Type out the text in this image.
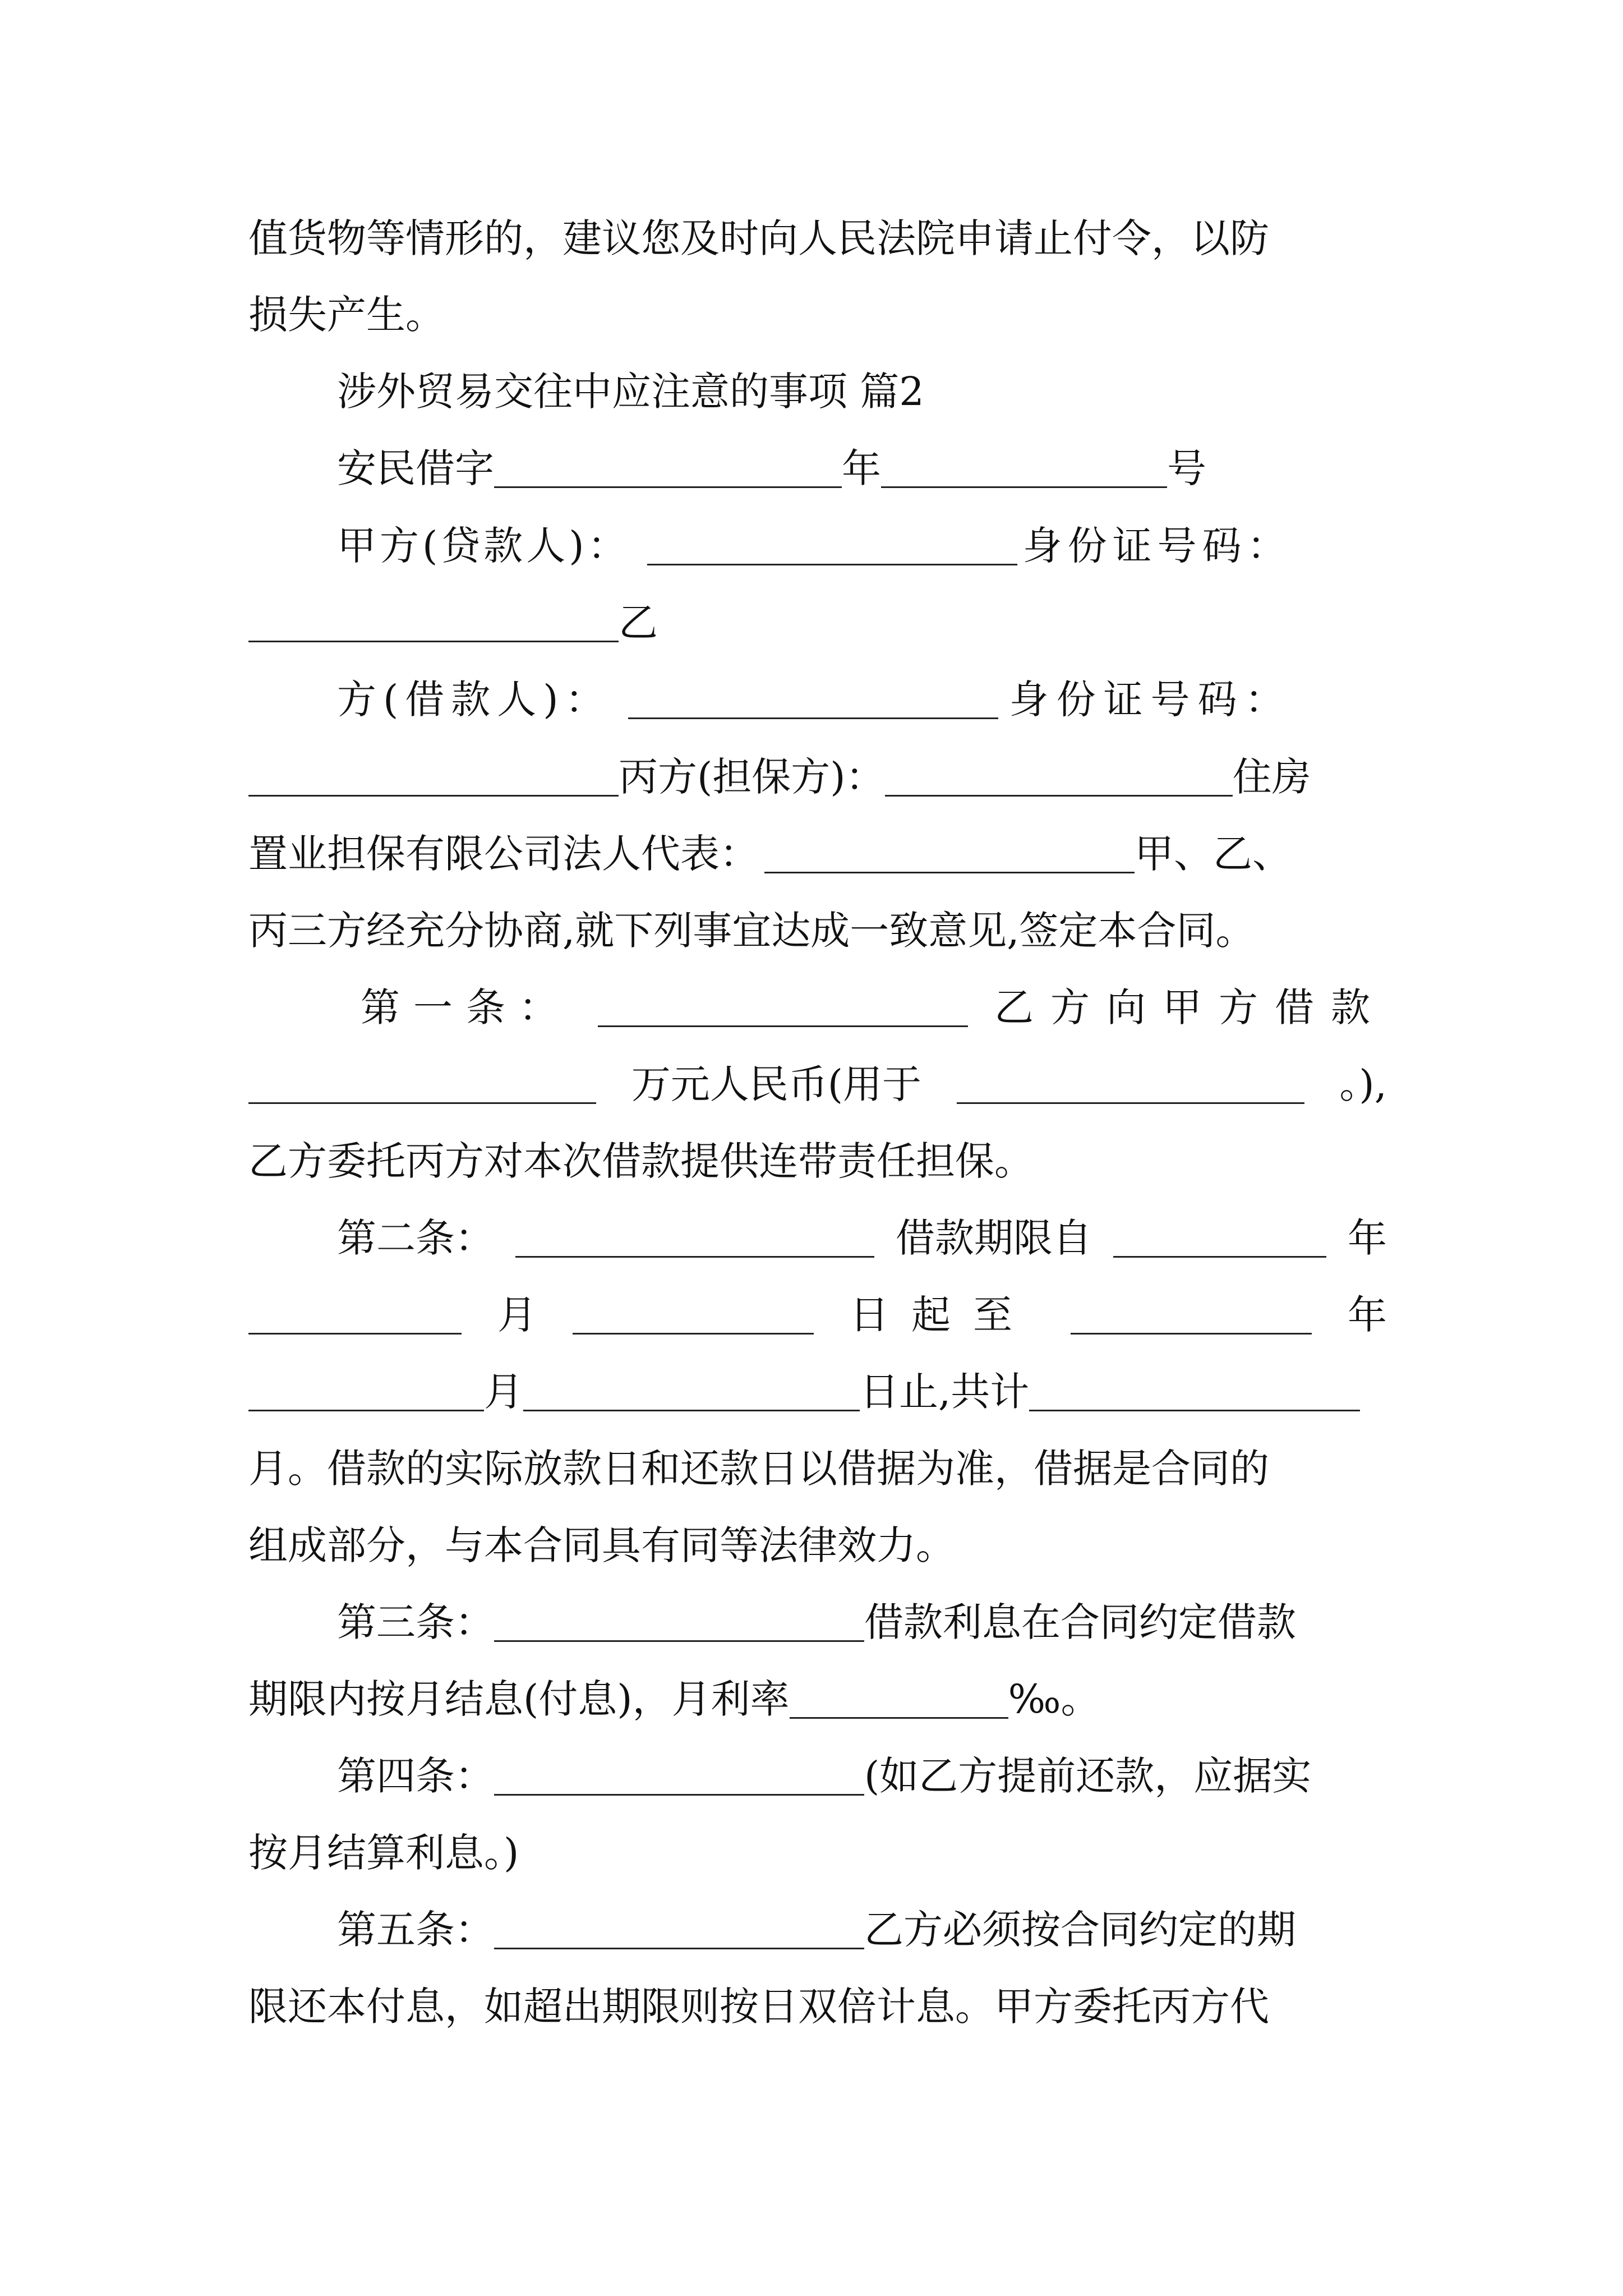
值货物等情形的，建议您及时向人民法院申请止付令，以防
损失产生。
涉外贸易交往中应注意的事项 篇2
安民借字	年	号
甲方(贷款人)：	身份证号码：
乙
方(借款人)：	身份证号码：
丙方(担保方)：	住房
置业担保有限公司法人代表：	甲、乙、
丙三方经充分协商,就下列事宜达成一致意见,签定本合同。
第一条：	乙方向甲方借款
万元人民币(用于	。),
乙方委托丙方对本次借款提供连带责任担保。
第二条：	借款期限自	年
月	日起至	年
月	日止,共计
月。借款的实际放款日和还款日以借据为准，借据是合同的
组成部分，与本合同具有同等法律效力。
第三条：	借款利息在合同约定借款
期限内按月结息(付息)，月利率	‰。
第四条：	(如乙方提前还款，应据实
按月结算利息。)
第五条：	乙方必须按合同约定的期
限还本付息，如超出期限则按日双倍计息。甲方委托丙方代
